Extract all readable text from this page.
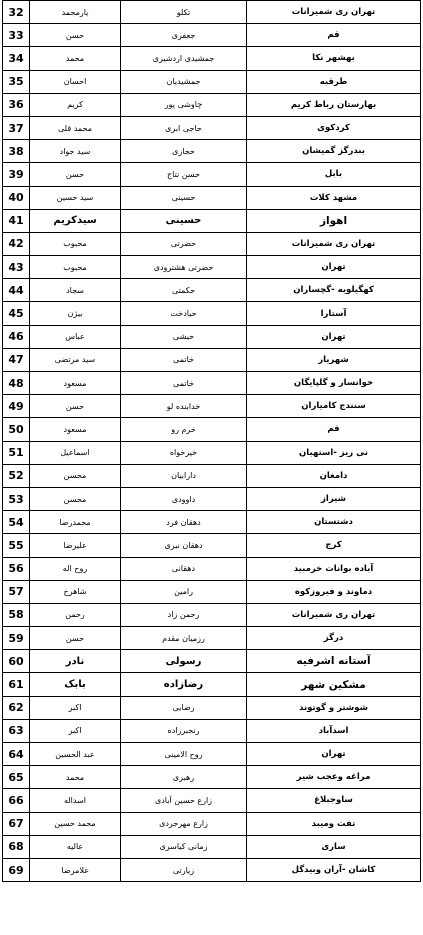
32	یارمحمد	تکلو	تهران ری شمیرانات
33	حسن	جعفری	قم
34	محمد	جمشیدی اردشیری	بهشهر نکا
35	احسان	جمشیدیان	طرقبه
36	کریم	چاوشی پور	بهارستان رباط کریم
37	محمد قلی	حاجی ابری	کردکوی
38	سید جواد	حجازی	بندرگز گمیشان
39	حسن	حسن نتاج	بابل
40	سید حسین	حسینی	مشهد کلات
41	سیدکریم	حسینی	اهواز
42	محبوب	حضرتی	تهران ری شمیرانات
43	محبوب	حضرتی هشترودی	تهران
44	سجاد	حکمتی	کهگیلویه -گچساران
45	بیژن	حیادخت	آستارا
46	عباس	حیشی	تهران
47	سید مرتضی	خاتمی	شهریار
48	مسعود	خاتمی	خوانسار و گلپایگان
49	حسن	خدابنده لو	سنندج کامیاران
50	مسعود	خرم رو	قم
51	اسماعیل	خیرخواه	نی ریز -استهبان
52	محسن	دارابیان	دامغان
53	محسن	داوودی	شیراز
54	محمدرضا	دهقان فرد	دشتستان
55	علیرضا	دهقان نیری	کرج
56	روح اله	دهقانی	آباده بوانات خرمبید
57	شاهرخ	رامین	دماوند و فیروزکوه
58	رحمن	رحمن زاد	تهران ری شمیرانات
59	حسن	رزمیان مقدم	درگز
60	نادر	رسولی	آستانه اشرفیه
61	بابک	رضازاده	مشکین شهر
62	اکبر	رضایی	شوشتر و گوتوند
63	اکبر	رنجبرزاده	اسدآباد
64	عبد الحسین	روح الامینی	تهران
65	محمد	رهبری	مراغه وعجب شیر
66	اسداله	زارع حسین آبادی	ساوجبلاغ
67	محمد حسین	زارع مهرجردی	تفت ومیبد
68	عالیه	زمانی کیاسری	ساری
69	غلامرضا	زیارتی	کاشان -آران وبیدگل
